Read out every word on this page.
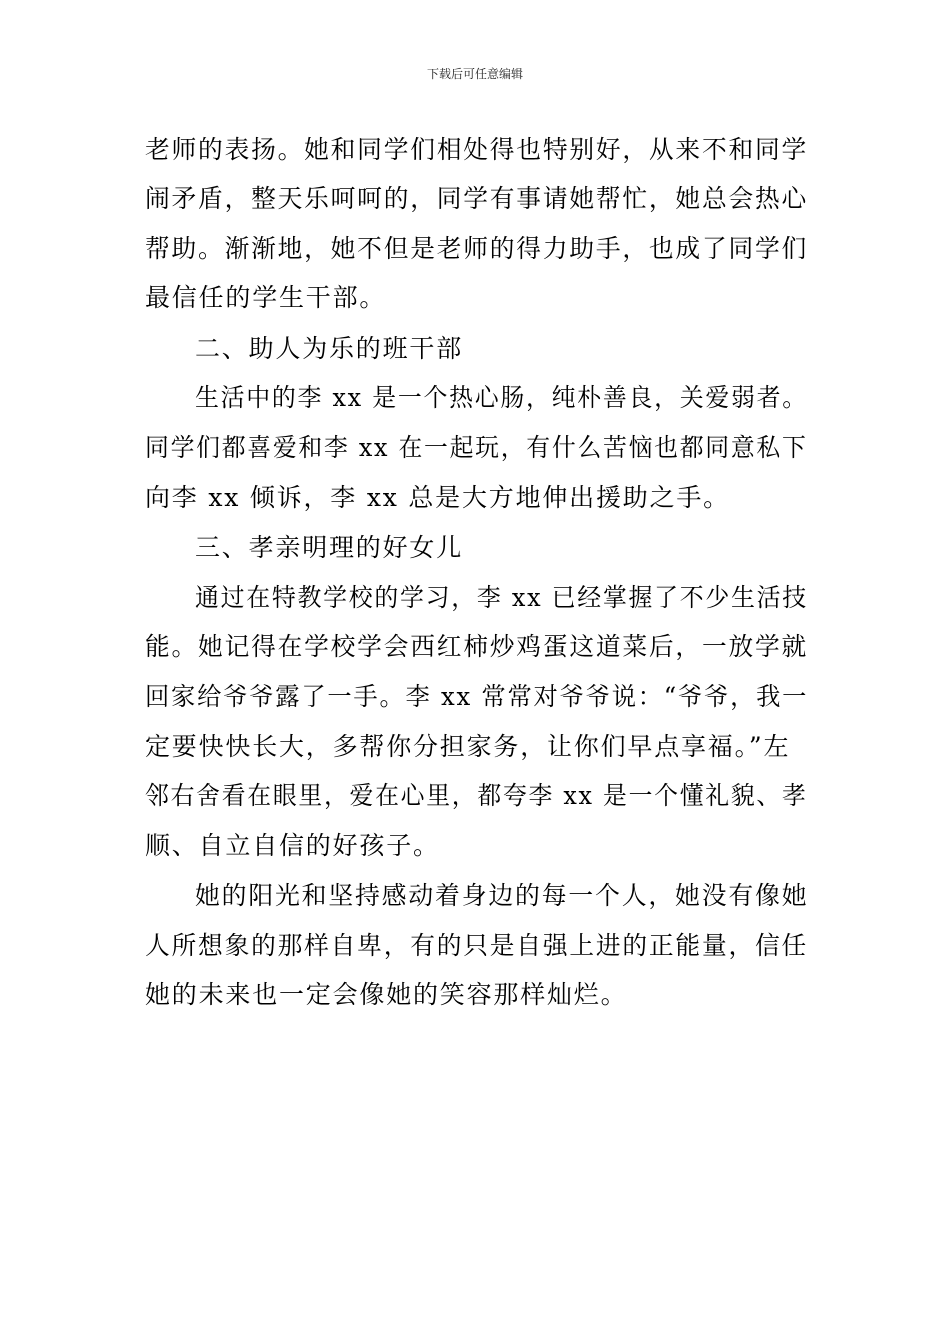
下载后可任意编辑
老师的表扬。她和同学们相处得也特别好，从来不和同学
闹矛盾，整天乐呵呵的，同学有事请她帮忙，她总会热心
帮助。渐渐地，她不但是老师的得力助手，也成了同学们
最信任的学生干部。
二、助人为乐的班干部
生活中的李 xx 是一个热心肠，纯朴善良，关爱弱者。
同学们都喜爱和李 xx 在一起玩，有什么苦恼也都同意私下
向李 xx 倾诉，李 xx 总是大方地伸出援助之手。
三、孝亲明理的好女儿
通过在特教学校的学习，李 xx 已经掌握了不少生活技
能。她记得在学校学会西红柿炒鸡蛋这道菜后，一放学就
回家给爷爷露了一手。李 xx 常常对爷爷说：“爷爷，我一
定要快快长大，多帮你分担家务，让你们早点享福。”左
邻右舍看在眼里，爱在心里，都夸李 xx 是一个懂礼貌、孝
顺、自立自信的好孩子。
她的阳光和坚持感动着身边的每一个人，她没有像她
人所想象的那样自卑，有的只是自强上进的正能量，信任
她的未来也一定会像她的笑容那样灿烂。
